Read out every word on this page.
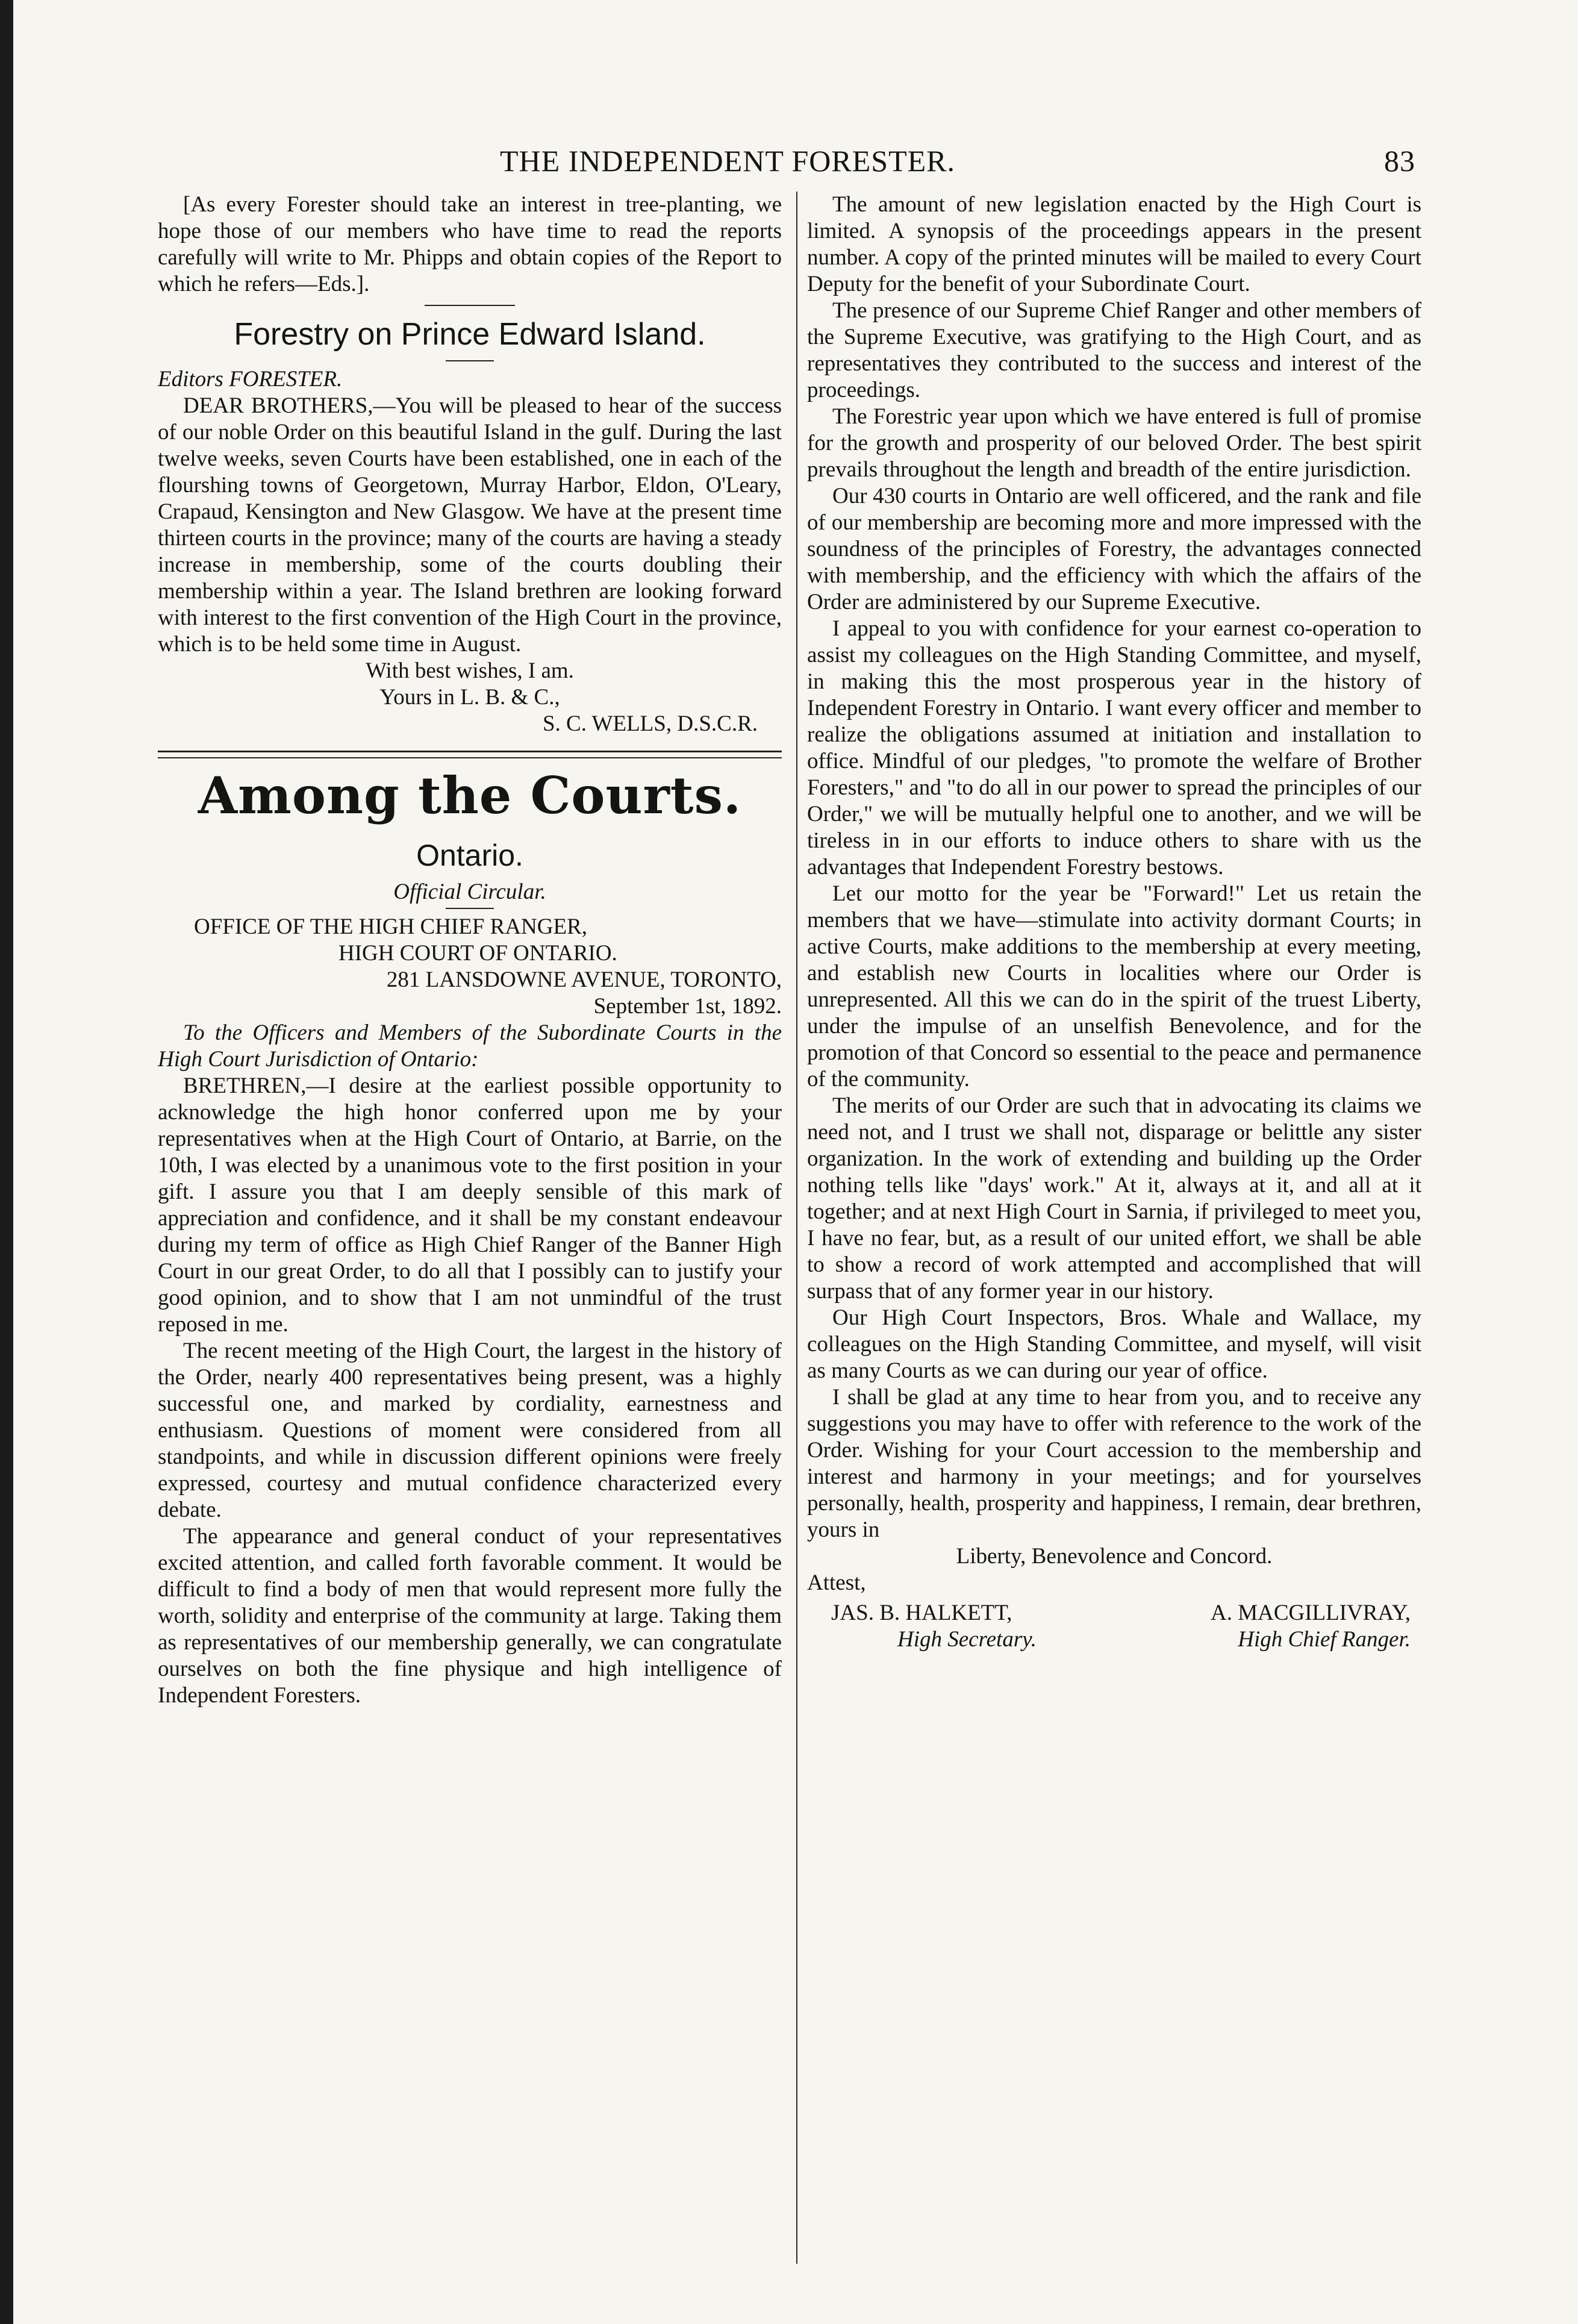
THE INDEPENDENT FORESTER.	83

[As every Forester should take an interest in tree-planting, we hope those of our members who have time to read the reports carefully will write to Mr. Phipps and obtain copies of the Report to which he refers—Eds.].

Forestry on Prince Edward Island.

Editors FORESTER.

DEAR BROTHERS,—You will be pleased to hear of the success of our noble Order on this beautiful Island in the gulf. During the last twelve weeks, seven Courts have been established, one in each of the flourshing towns of Georgetown, Murray Harbor, Eldon, O'Leary, Crapaud, Kensington and New Glasgow. We have at the present time thirteen courts in the province; many of the courts are having a steady increase in membership, some of the courts doubling their membership within a year. The Island brethren are looking forward with interest to the first convention of the High Court in the province, which is to be held some time in August.

With best wishes, I am.

Yours in L. B. & C.,

S. C. WELLS, D.S.C.R.

Among the Courts.
Ontario.

Official Circular.

OFFICE OF THE HIGH CHIEF RANGER,

HIGH COURT OF ONTARIO.

281 LANSDOWNE AVENUE, TORONTO,

September 1st, 1892.

To the Officers and Members of the Subordinate Courts in the High Court Jurisdiction of Ontario:

BRETHREN,—I desire at the earliest possible opportunity to acknowledge the high honor conferred upon me by your representatives when at the High Court of Ontario, at Barrie, on the 10th, I was elected by a unanimous vote to the first position in your gift. I assure you that I am deeply sensible of this mark of appreciation and confidence, and it shall be my constant endeavour during my term of office as High Chief Ranger of the Banner High Court in our great Order, to do all that I possibly can to justify your good opinion, and to show that I am not unmindful of the trust reposed in me.

The recent meeting of the High Court, the largest in the history of the Order, nearly 400 representatives being present, was a highly successful one, and marked by cordiality, earnestness and enthusiasm. Questions of moment were considered from all standpoints, and while in discussion different opinions were freely expressed, courtesy and mutual confidence characterized every debate.

The appearance and general conduct of your representatives excited attention, and called forth favorable comment. It would be difficult to find a body of men that would represent more fully the worth, solidity and enterprise of the community at large. Taking them as representatives of our membership generally, we can congratulate ourselves on both the fine physique and high intelligence of Independent Foresters.

The amount of new legislation enacted by the High Court is limited. A synopsis of the proceedings appears in the present number. A copy of the printed minutes will be mailed to every Court Deputy for the benefit of your Subordinate Court.

The presence of our Supreme Chief Ranger and other members of the Supreme Executive, was gratifying to the High Court, and as representatives they contributed to the success and interest of the proceedings.

The Forestric year upon which we have entered is full of promise for the growth and prosperity of our beloved Order. The best spirit prevails throughout the length and breadth of the entire jurisdiction.

Our 430 courts in Ontario are well officered, and the rank and file of our membership are becoming more and more impressed with the soundness of the principles of Forestry, the advantages connected with membership, and the efficiency with which the affairs of the Order are administered by our Supreme Executive.

I appeal to you with confidence for your earnest co-operation to assist my colleagues on the High Standing Committee, and myself, in making this the most prosperous year in the history of Independent Forestry in Ontario. I want every officer and member to realize the obligations assumed at initiation and installation to office. Mindful of our pledges, "to promote the welfare of Brother Foresters," and "to do all in our power to spread the principles of our Order," we will be mutually helpful one to another, and we will be tireless in in our efforts to induce others to share with us the advantages that Independent Forestry bestows.

Let our motto for the year be "Forward!" Let us retain the members that we have—stimulate into activity dormant Courts; in active Courts, make additions to the membership at every meeting, and establish new Courts in localities where our Order is unrepresented. All this we can do in the spirit of the truest Liberty, under the impulse of an unselfish Benevolence, and for the promotion of that Concord so essential to the peace and permanence of the community.

The merits of our Order are such that in advocating its claims we need not, and I trust we shall not, disparage or belittle any sister organization. In the work of extending and building up the Order nothing tells like "days' work." At it, always at it, and all at it together; and at next High Court in Sarnia, if privileged to meet you, I have no fear, but, as a result of our united effort, we shall be able to show a record of work attempted and accomplished that will surpass that of any former year in our history.

Our High Court Inspectors, Bros. Whale and Wallace, my colleagues on the High Standing Committee, and myself, will visit as many Courts as we can during our year of office.

I shall be glad at any time to hear from you, and to receive any suggestions you may have to offer with reference to the work of the Order. Wishing for your Court accession to the membership and interest and harmony in your meetings; and for yourselves personally, health, prosperity and happiness, I remain, dear brethren, yours in

Liberty, Benevolence and Concord.

Attest,

JAS. B. HALKETT,	A. MACGILLIVRAY,
High Secretary.	High Chief Ranger.
